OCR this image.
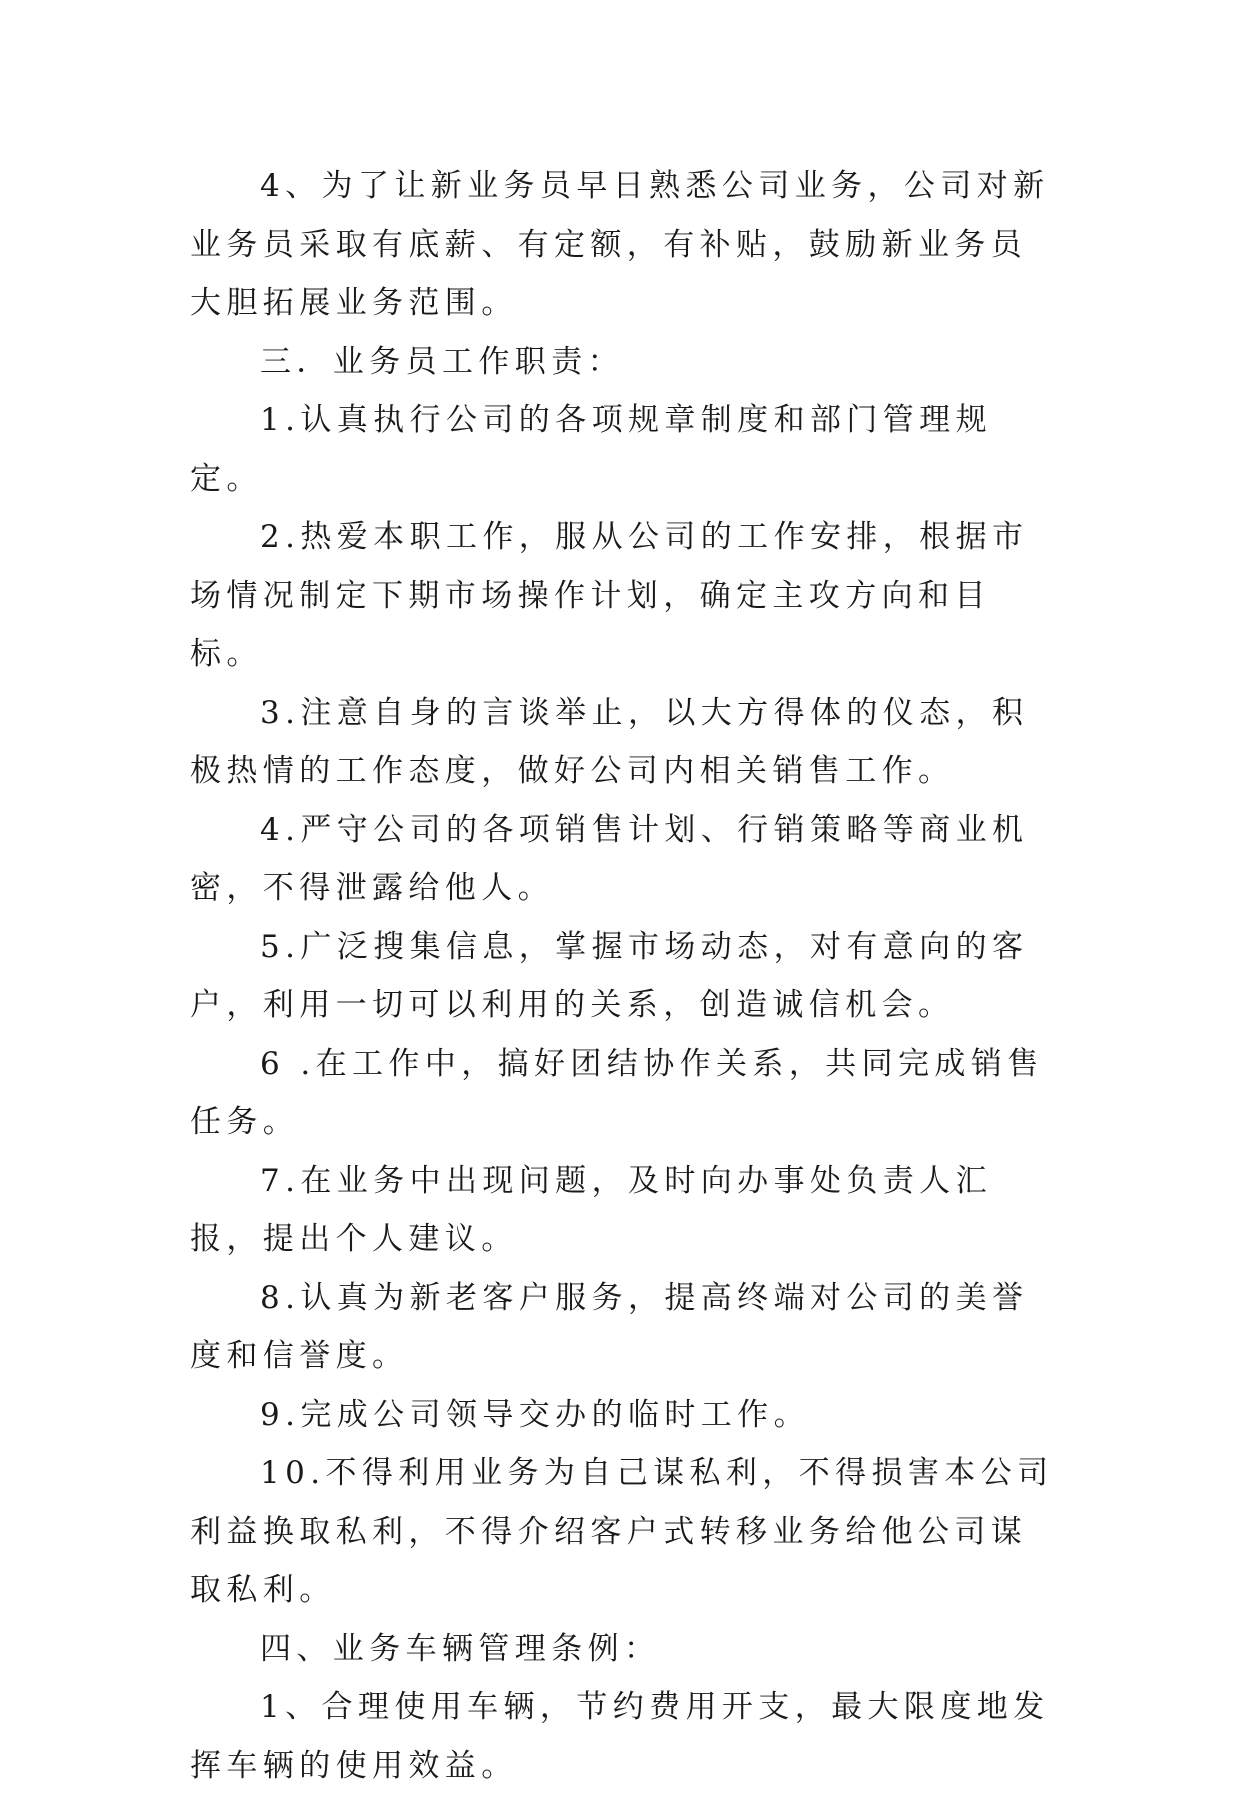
4、为了让新业务员早日熟悉公司业务，公司对新业务员采取有底薪、有定额，有补贴，鼓励新业务员大胆拓展业务范围。

三．业务员工作职责：

1.认真执行公司的各项规章制度和部门管理规定。

2.热爱本职工作，服从公司的工作安排，根据市场情况制定下期市场操作计划，确定主攻方向和目标。

3.注意自身的言谈举止，以大方得体的仪态，积极热情的工作态度，做好公司内相关销售工作。

4.严守公司的各项销售计划、行销策略等商业机密，不得泄露给他人。

5.广泛搜集信息，掌握市场动态，对有意向的客户，利用一切可以利用的关系，创造诚信机会。

6 .在工作中，搞好团结协作关系，共同完成销售任务。

7.在业务中出现问题，及时向办事处负责人汇报，提出个人建议。

8.认真为新老客户服务，提高终端对公司的美誉度和信誉度。

9.完成公司领导交办的临时工作。

10.不得利用业务为自己谋私利，不得损害本公司利益换取私利，不得介绍客户式转移业务给他公司谋取私利。

四、业务车辆管理条例：

1、合理使用车辆，节约费用开支，最大限度地发挥车辆的使用效益。
